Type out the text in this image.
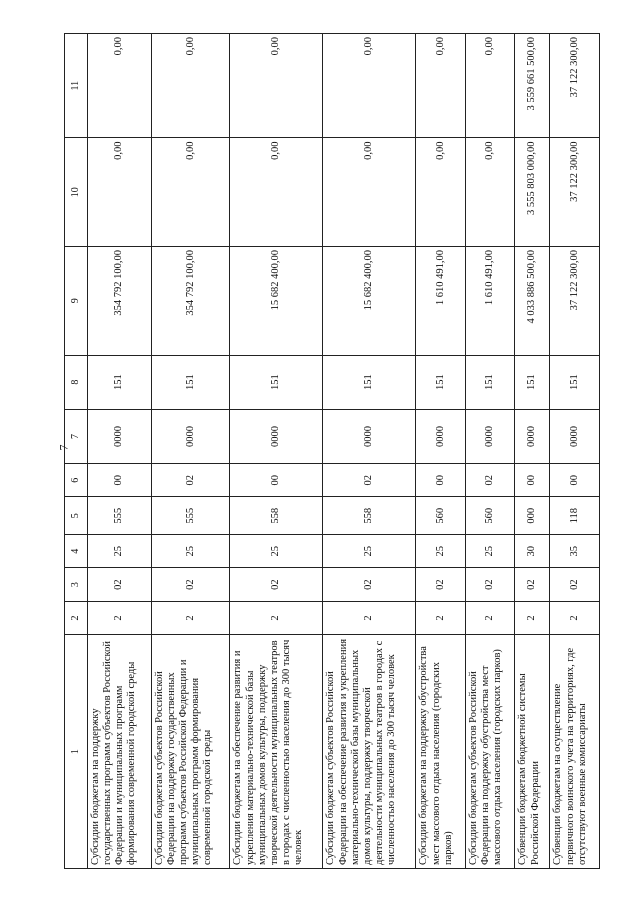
7
1	2	3	4	5	6	7	8	9	10	11
Субсидии бюджетам на поддержку государственных программ субъектов Российской Федерации и муниципальных программ формирования современной городской среды	2	02	25	555	00	0000	151	354 792 100,00	0,00	0,00
Субсидии бюджетам субъектов Российской Федерации на поддержку государственных программ субъектов Российской Федерации и муниципальных программ формирования современной городской среды	2	02	25	555	02	0000	151	354 792 100,00	0,00	0,00
Субсидии бюджетам на обеспечение развития и укрепления материально-технической базы муниципальных домов культуры, поддержку творческой деятельности муниципальных театров в городах с численностью населения до 300 тысяч человек	2	02	25	558	00	0000	151	15 682 400,00	0,00	0,00
Субсидии бюджетам субъектов Российской Федерации на обеспечение развития и укрепления материально-технической базы муниципальных домов культуры, поддержку творческой деятельности муниципальных театров в городах с численностью населения до 300 тысяч человек	2	02	25	558	02	0000	151	15 682 400,00	0,00	0,00
Субсидии бюджетам на поддержку обустройства мест массового отдыха населения (городских парков)	2	02	25	560	00	0000	151	1 610 491,00	0,00	0,00
Субсидии бюджетам субъектов Российской Федерации на поддержку обустройства мест массового отдыха населения (городских парков)	2	02	25	560	02	0000	151	1 610 491,00	0,00	0,00
Субвенции бюджетам бюджетной системы Российской Федерации	2	02	30	000	00	0000	151	4 033 886 500,00	3 555 803 000,00	3 559 661 500,00
Субвенции бюджетам на осуществление первичного воинского учета на территориях, где отсутствуют военные комиссариаты	2	02	35	118	00	0000	151	37 122 300,00	37 122 300,00	37 122 300,00
